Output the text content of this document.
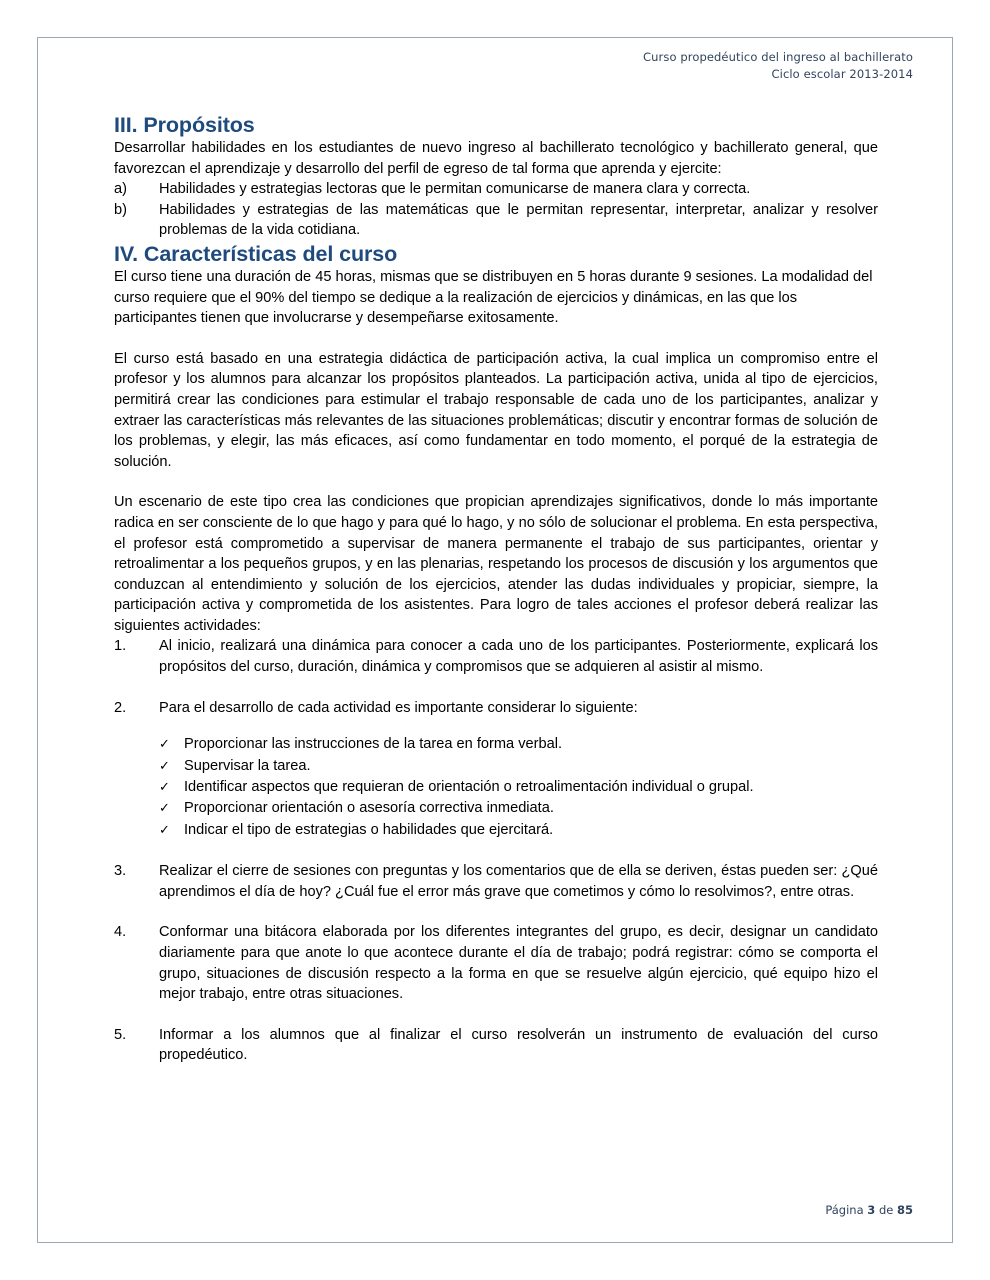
Curso propedéutico del ingreso al bachillerato
Ciclo escolar 2013-2014
III. Propósitos

Desarrollar habilidades en los estudiantes de nuevo ingreso al bachillerato tecnológico y bachillerato general, que favorezcan el aprendizaje y desarrollo del perfil de egreso de tal forma que aprenda y ejercite:

a)	Habilidades y estrategias lectoras que le permitan comunicarse de manera clara y correcta.
b)	Habilidades y estrategias de las matemáticas que le permitan representar, interpretar, analizar y resolver problemas de la vida cotidiana.
IV. Características del curso

El curso tiene una duración de 45 horas, mismas que se distribuyen en 5 horas durante 9 sesiones. La modalidad del curso requiere que el 90% del tiempo se dedique a la realización de ejercicios y dinámicas, en las que los participantes tienen que involucrarse y desempeñarse exitosamente.

El curso está basado en una estrategia didáctica de participación activa, la cual implica un compromiso entre el profesor y los alumnos para alcanzar los propósitos planteados. La participación activa, unida al tipo de ejercicios, permitirá crear las condiciones para estimular el trabajo responsable de cada uno de los participantes, analizar y extraer las características más relevantes de las situaciones problemáticas; discutir y encontrar formas de solución de los problemas, y elegir, las más eficaces, así como fundamentar en todo momento, el porqué de la estrategia de solución.

Un escenario de este tipo crea las condiciones que propician aprendizajes significativos, donde lo más importante radica en ser consciente de lo que hago y para qué lo hago, y no sólo de solucionar el problema. En esta perspectiva, el profesor está comprometido a supervisar de manera permanente el trabajo de sus participantes, orientar y retroalimentar a los pequeños grupos, y en las plenarias, respetando los procesos de discusión y los argumentos que conduzcan al entendimiento y solución de los ejercicios, atender las dudas individuales y propiciar, siempre, la participación activa y comprometida de los asistentes. Para logro de tales acciones el profesor deberá realizar las siguientes actividades:

1.	Al inicio, realizará una dinámica para conocer a cada uno de los participantes. Posteriormente, explicará los propósitos del curso, duración, dinámica y compromisos que se adquieren al asistir al mismo.
2.	Para el desarrollo de cada actividad es importante considerar lo siguiente:
✓ Proporcionar las instrucciones de la tarea en forma verbal.
✓ Supervisar la tarea.
✓ Identificar aspectos que requieran de orientación o retroalimentación individual o grupal.
✓ Proporcionar orientación o asesoría correctiva inmediata.
✓ Indicar el tipo de estrategias o habilidades que ejercitará.
3.	Realizar el cierre de sesiones con preguntas y los comentarios que de ella se deriven, éstas pueden ser: ¿Qué aprendimos el día de hoy? ¿Cuál fue el error más grave que cometimos y cómo lo resolvimos?, entre otras.
4.	Conformar una bitácora elaborada por los diferentes integrantes del grupo, es decir, designar un candidato diariamente para que anote lo que acontece durante el día de trabajo; podrá registrar: cómo se comporta el grupo, situaciones de discusión respecto a la forma en que se resuelve algún ejercicio, qué equipo hizo el mejor trabajo, entre otras situaciones.
5.	Informar a los alumnos que al finalizar el curso resolverán un instrumento de evaluación del curso propedéutico.
Página 3 de 85
